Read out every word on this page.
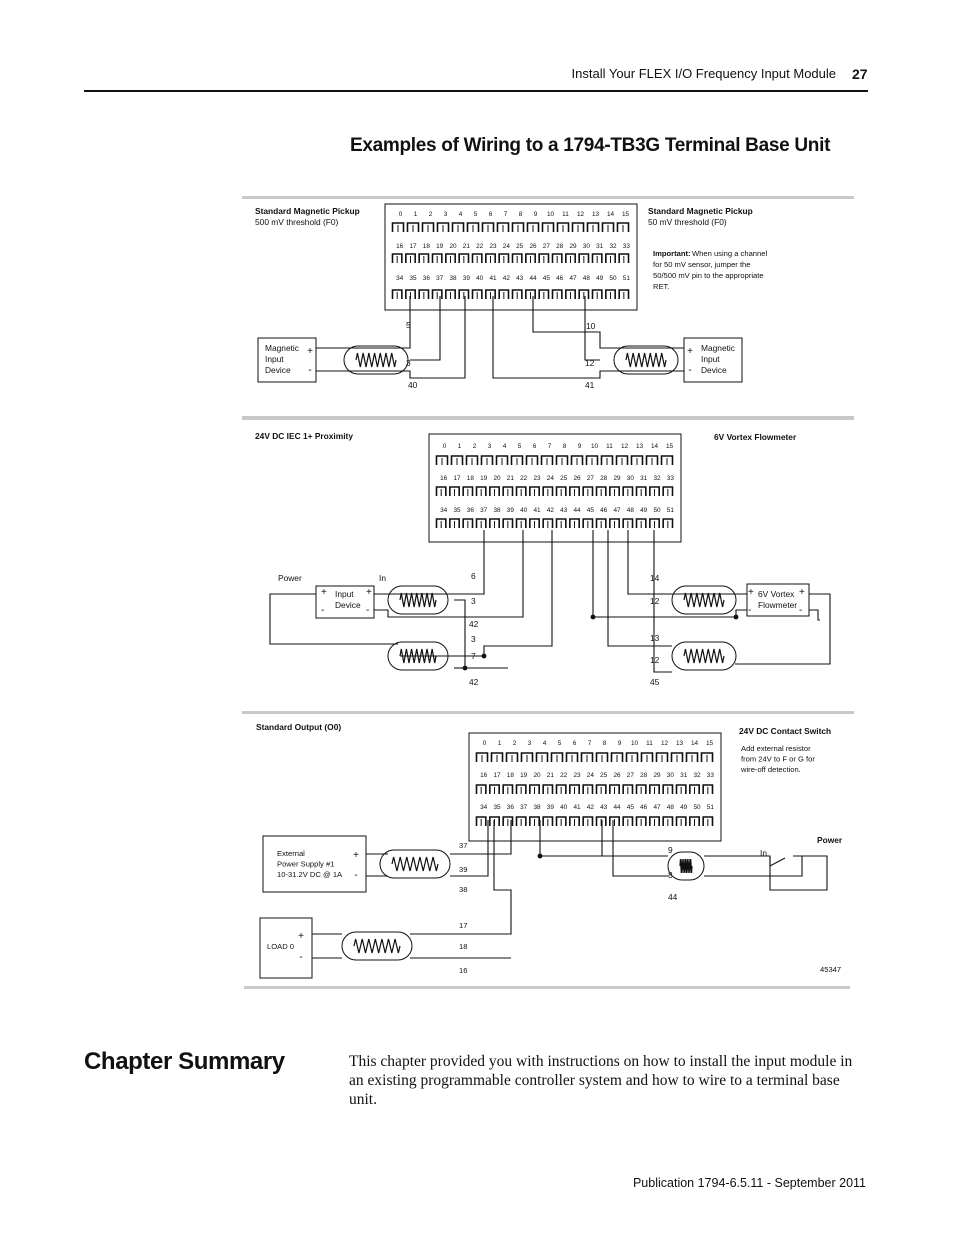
Install Your FLEX I/O Frequency Input Module 27
Examples of Wiring to a 1794-TB3G Terminal Base Unit
Standard Magnetic Pickup
500 mV threshold (F0)
Standard Magnetic Pickup
50 mV threshold (F0)
Important: When using a channel
for 50 mV sensor, jumper the
50/500 mV pin to the appropriate
RET.
0 1 2 3 4 5 6 7 8 9 10 11 12 13 14 15
16 17 18 19 20 21 22 23 24 25 26 27 28 29 30 31 32 33
34 35 36 37 38 39 40 41 42 43 44 45 46 47 48 49 50 51
Magnetic
Input
Device
+
-
Magnetic
Input
Device
+
-
5
3
40
10
12
41
24V DC IEC 1+ Proximity	6V Vortex Flowmeter
0 1 2 3 4 5 6 7 8 9 10 11 12 13 14 15
16 17 18 19 20 21 22 23 24 25 26 27 28 29 30 31 32 33
34 35 36 37 38 39 40 41 42 43 44 45 46 47 48 49 50 51
Power	In
Input
Device
+
-
+
-
6V Vortex
Flowmeter
+
-
+
-
6
3
42
3
7
42
14
12
13
12
45
Standard Output (O0)	24V DC Contact Switch
Add external resistor
from 24V to F or G for
wire-off detection.
0 1 2 3 4 5 6 7 8 9 10 11 12 13 14 15
16 17 18 19 20 21 22 23 24 25 26 27 28 29 30 31 32 33
34 35 36 37 38 39 40 41 42 43 44 45 46 47 48 49 50 51
External
Power Supply #1
10-31.2V DC @ 1A
+
-
LOAD 0
+
-
Power
In
37
39
38
17
18
16
9
8
44
45347
Chapter Summary	This chapter provided you with instructions on how to install the input module in an existing programmable controller system and how to wire to a terminal base unit.
Publication 1794-6.5.11 - September 2011
